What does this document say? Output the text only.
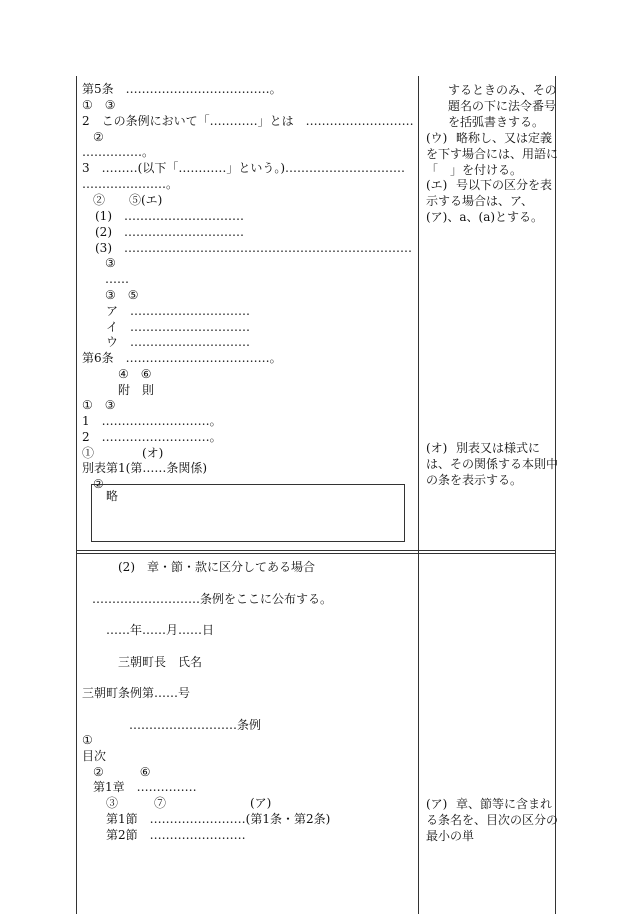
第5条　………………………………。
①　③
2　この条例において「…………」とは　………………………
②
……………。
3　………(以下「…………」という。)…………………………
…………………。
②　　⑤(エ)
(1)　…………………………
(2)　…………………………
(3)　………………………………………………………………
③
……
③　⑤
ア　…………………………
イ　…………………………
ウ　…………………………
第6条　………………………………。
④　⑥
附　則
①　③
1　………………………。
2　………………………。
①　　　　(オ)
別表第1(第……条関係)
②
略
するときのみ、その題名の下に法令番号を括弧書きする。
(ウ) 略称し、又は定義を下す場合には、用語に「　」を付ける。
(エ) 号以下の区分を表示する場合は、ア、(ア)、a、(a)とする。
(オ) 別表又は様式には、その関係する本則中の条を表示する。
(2)　章・節・款に区分してある場合
………………………条例をここに公布する。
……年……月……日
三朝町長　氏名
三朝町条例第……号
………………………条例
①
目次
②　　　⑥
第1章　……………
③　　　⑦　　　　　　　(ア)
第1節　……………………(第1条・第2条)
第2節　……………………
(ア) 章、節等に含まれる条名を、目次の区分の最小の単
